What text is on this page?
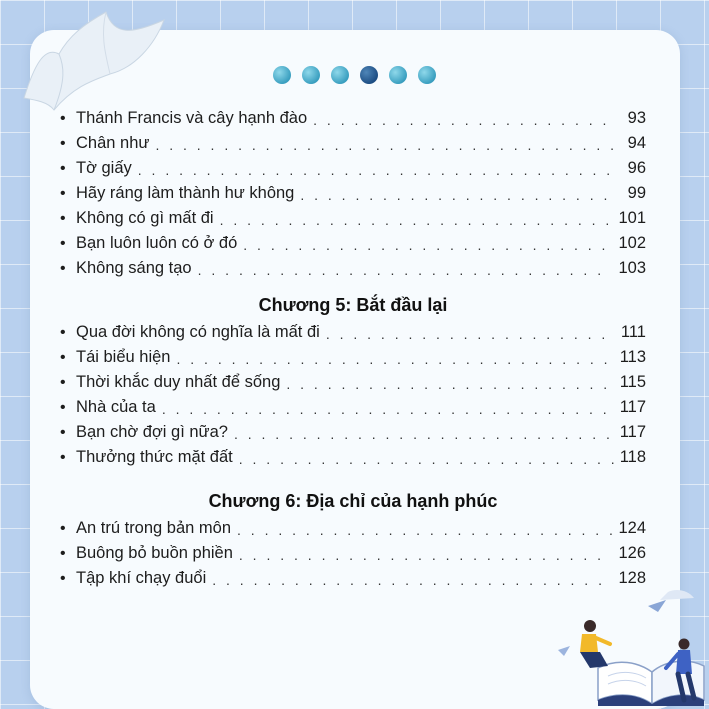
• Thánh Francis và cây hạnh đào . . .	93
• Chân như . . .	94
• Tờ giấy . . .	96
• Hãy ráng làm thành hư không . . .	99
• Không có gì mất đi . . .	101
• Bạn luôn luôn có ở đó . . .	102
• Không sáng tạo . . .	103
Chương 5: Bắt đầu lại
• Qua đời không có nghĩa là mất đi . . .	111
• Tái biểu hiện . . .	113
• Thời khắc duy nhất để sống . . .	115
• Nhà của ta . . .	117
• Bạn chờ đợi gì nữa? . . .	117
• Thưởng thức mặt đất . . .	118
Chương 6: Địa chỉ của hạnh phúc
• An trú trong bản môn . . .	124
• Buông bỏ buồn phiền . . .	126
• Tập khí chạy đuổi . . .	128
